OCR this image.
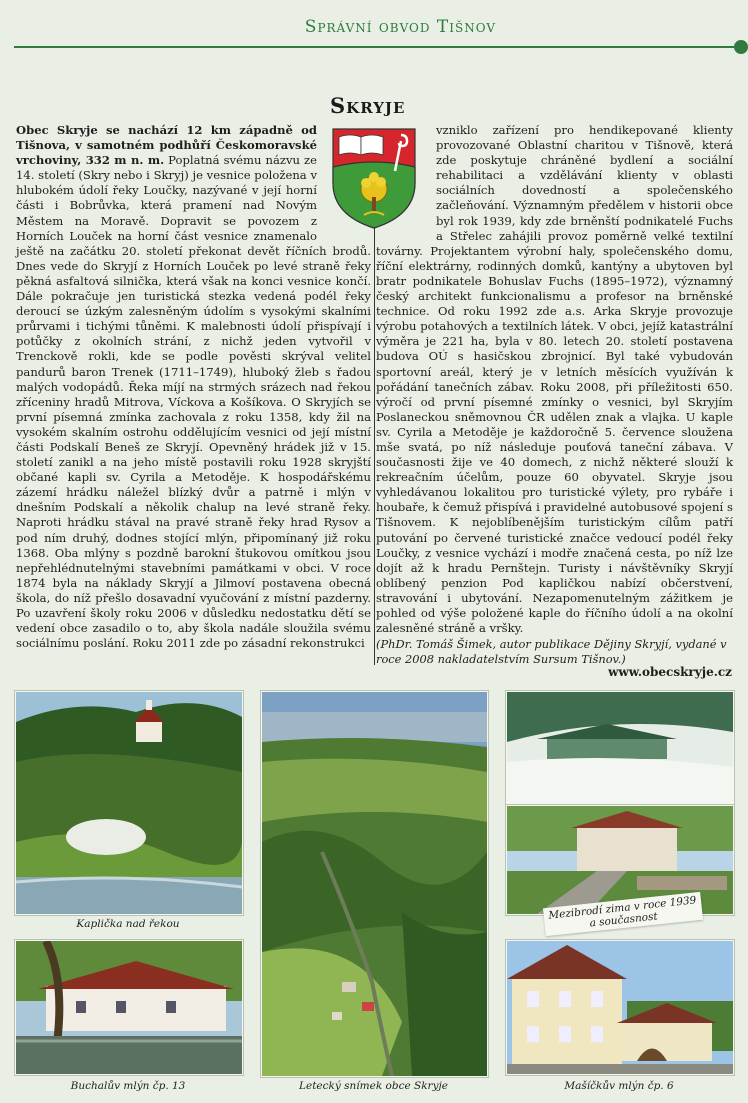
Správní obvod Tišnov
Skryje

Obec Skryje se nachází 12 km západně od Tišnova, v samotném podhůří Českomoravské vrchoviny, 332 m n. m. Poplatná svému názvu ze 14. století (Skry nebo i Skryj) je vesnice položena v hlubokém údolí řeky Loučky, nazývané v její horní části i Bobrůvka, která pramení nad Novým Městem na Moravě. Dopravit se povozem z Horních Louček na horní část vesnice znamenalo ještě na začátku 20. století překonat devět říčních brodů. Dnes vede do Skryjí z Horních Louček po levé straně řeky pěkná asfaltová silnička, která však na konci vesnice končí. Dále pokračuje jen turistická stezka vedená podél řeky deroucí se úzkým zalesněným údolím s vysokými skalními průrvami i tichými tůněmi. K malebnosti údolí přispívají i potůčky z okolních strání, z nichž jeden vytvořil v Trenckově rokli, kde se podle pověsti skrýval velitel pandurů baron Trenek (1711–1749), hluboký žleb s řadou malých vodopádů. Řeka míjí na strmých srázech nad řekou zříceniny hradů Mitrova, Víckova a Košíkova. O Skryjích se první písemná zmínka zachovala z roku 1358, kdy žil na vysokém skalním ostrohu oddělujícím vesnici od její místní části Podskalí Beneš ze Skryjí. Opevněný hrádek již v 15. století zanikl a na jeho místě postavili roku 1928 skryjští občané kapli sv. Cyrila a Metoděje. K hospodářskému zázemí hrádku náležel blízký dvůr a patrně i mlýn v dnešním Podskalí a několik chalup na levé straně řeky. Naproti hrádku stával na pravé straně řeky hrad Rysov a pod ním druhý, dodnes stojící mlýn, připomínaný již roku 1368. Oba mlýny s pozdně barokní štukovou omítkou jsou nepřehlédnutelnými stavebními památkami v obci. V roce 1874 byla na náklady Skryjí a Jilmoví postavena obecná škola, do níž přešlo dosavadní vyučování z místní pazderny. Po uzavření školy roku 2006 v důsledku nedostatku dětí se vedení obce zasadilo o to, aby škola nadále sloužila svému sociálnímu poslání. Roku 2011 zde po zásadní rekonstrukci

vzniklo zařízení pro hendikepované klienty provozované Oblastní charitou v Tišnově, která zde poskytuje chráněné bydlení a sociální rehabilitaci a vzdělávání klienty v oblasti sociálních dovedností a společenského začleňování. Významným předělem v historii obce byl rok 1939, kdy zde brněnští podnikatelé Fuchs a Střelec zahájili provoz poměrně velké textilní továrny. Projektantem výrobní haly, společenského domu, říční elektrárny, rodinných domků, kantýny a ubytoven byl bratr podnikatele Bohuslav Fuchs (1895–1972), významný český architekt funkcionalismu a profesor na brněnské technice. Od roku 1992 zde a.s. Arka Skryje provozuje výrobu potahových a textilních látek. V obci, jejíž katastrální výměra je 221 ha, byla v 80. letech 20. století postavena budova OÚ s hasičskou zbrojnicí. Byl také vybudován sportovní areál, který je v letních měsících využíván k pořádání tanečních zábav. Roku 2008, při příležitosti 650. výročí od první písemné zmínky o vesnici, byl Skryjím Poslaneckou sněmovnou ČR udělen znak a vlajka. U kaple sv. Cyrila a Metoděje je každoročně 5. července sloužena mše svatá, po níž následuje pouťová taneční zábava. V současnosti žije ve 40 domech, z nichž některé slouží k rekreačním účelům, pouze 60 obyvatel. Skryje jsou vyhledávanou lokalitou pro turistické výlety, pro rybáře i houbaře, k čemuž přispívá i pravidelné autobusové spojení s Tišnovem. K nejoblíbenějším turistickým cílům patří putování po červené turistické značce vedoucí podél řeky Loučky, z vesnice vychází i modře značená cesta, po níž lze dojít až k hradu Pernštejn. Turisty i návštěvníky Skryjí oblíbený penzion Pod kapličkou nabízí občerstvení, stravování i ubytování. Nezapomenutelným zážitkem je pohled od výše položené kaple do říčního údolí a na okolní zalesněné stráně a vršky.

(PhDr. Tomáš Šimek, autor publikace Dějiny Skryjí, vydané v roce 2008 nakladatelstvím Sursum Tišnov.)
www.obecskryje.cz
Kaplička nad řekou
Buchalův mlýn čp. 13	Letecký snímek obce Skryje
Mezibrodí zima v roce 1939 a současnost
Mašíčkův mlýn čp. 6
